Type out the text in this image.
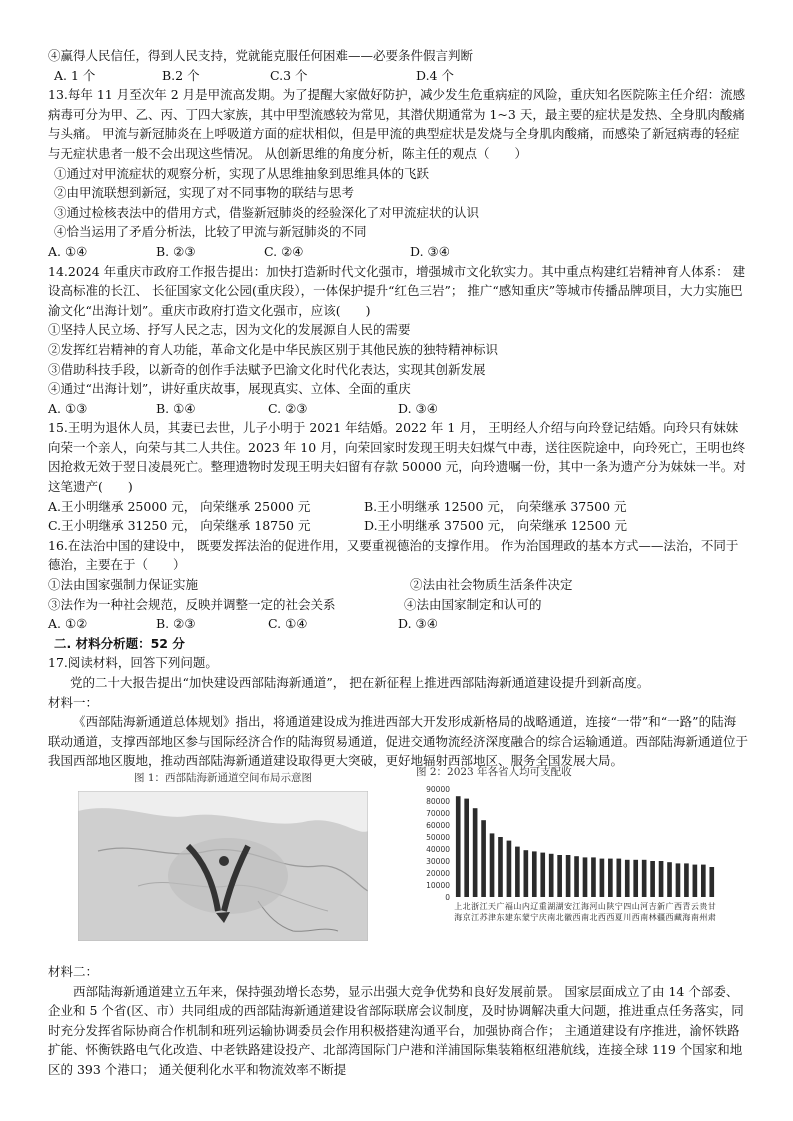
④赢得人民信任，得到人民支持，党就能克服任何困难——必要条件假言判断
A. 1 个	B.2 个	C.3 个	D.4 个
13.每年 11 月至次年 2 月是甲流高发期。为了提醒大家做好防护，减少发生危重病症的风险，重庆知名医院陈主任介绍：流感病毒可分为甲、乙、丙、丁四大家族，其中甲型流感较为常见，其潜伏期通常为 1~3 天，最主要的症状是发热、全身肌肉酸痛与头痛。 甲流与新冠肺炎在上呼吸道方面的症状相似，但是甲流的典型症状是发烧与全身肌肉酸痛，而感染了新冠病毒的轻症与无症状患者一般不会出现这些情况。 从创新思维的角度分析，陈主任的观点（　　）
①通过对甲流症状的观察分析，实现了从思维抽象到思维具体的飞跃
②由甲流联想到新冠，实现了对不同事物的联结与思考
③通过检核表法中的借用方式，借鉴新冠肺炎的经验深化了对甲流症状的认识
④恰当运用了矛盾分析法，比较了甲流与新冠肺炎的不同
A. ①④	B. ②③	C. ②④	D. ③④
14.2024 年重庆市政府工作报告提出：加快打造新时代文化强市，增强城市文化软实力。其中重点构建红岩精神育人体系： 建设高标准的长江、 长征国家文化公园(重庆段），一体保护提升“红色三岩”； 推广“感知重庆”等城市传播品牌项目，大力实施巴渝文化“出海计划”。重庆市政府打造文化强市，应该(　　)
①坚持人民立场、抒写人民之志，因为文化的发展源自人民的需要
②发挥红岩精神的育人功能，革命文化是中华民族区别于其他民族的独特精神标识
③借助科技手段，以新奇的创作手法赋予巴渝文化时代化表达，实现其创新发展
④通过“出海计划”，讲好重庆故事，展现真实、立体、全面的重庆
A. ①③	B. ①④	C. ②③	D. ③④
15.王明为退休人员，其妻已去世，儿子小明于 2021 年结婚。2022 年 1 月， 王明经人介绍与向玲登记结婚。向玲只有妹妹向荣一个亲人，向荣与其二人共住。2023 年 10 月，向荣回家时发现王明夫妇煤气中毒，送往医院途中，向玲死亡，王明也终因抢救无效于翌日凌晨死亡。整理遗物时发现王明夫妇留有存款 50000 元，向玲遗嘱一份，其中一条为遗产分为妹妹一半。对这笔遗产(　　)
A.王小明继承 25000 元， 向荣继承 25000 元	B.王小明继承 12500 元， 向荣继承 37500 元
C.王小明继承 31250 元， 向荣继承 18750 元	D.王小明继承 37500 元， 向荣继承 12500 元
16.在法治中国的建设中， 既要发挥法治的促进作用，又要重视德治的支撑作用。 作为治国理政的基本方式——法治，不同于德治，主要在于（　　）
①法由国家强制力保证实施	②法由社会物质生活条件决定
③法作为一种社会规范，反映并调整一定的社会关系	④法由国家制定和认可的
A. ①②	B. ②③	C. ①④	D. ③④
二. 材料分析题：52 分
17.阅读材料，回答下列问题。
党的二十大报告提出“加快建设西部陆海新通道”， 把在新征程上推进西部陆海新通道建设提升到新高度。
材料一：
《西部陆海新通道总体规划》指出，将通道建设成为推进西部大开发形成新格局的战略通道，连接“一带”和“一路”的陆海联动通道，支撑西部地区参与国际经济合作的陆海贸易通道，促进交通物流经济深度融合的综合运输通道。西部陆海新通道位于我国西部地区腹地，推动西部陆海新通道建设取得更大突破，更好地辐射西部地区、服务全国发展大局。
图 1：西部陆海新通道空间布局示意图	图 2：2023 年各省人均可支配收
0
10000
20000
30000
40000
50000
60000
70000
80000
90000
上
海
北
京
浙
江
江
苏
天
津
广
东
福
建
山
东
内
蒙
辽
宁
重
庆
湖
南
湖
北
安
徽
江
西
海
南
河
北
山
西
陕
西
宁
夏
四
川
山
西
河
南
吉
林
新
疆
广
西
西
藏
青
海
云
南
贵
州
甘
肃
材料二：
西部陆海新通道建立五年来，保持强劲增长态势，显示出强大竞争优势和良好发展前景。 国家层面成立了由 14 个部委、企业和 5 个省(区、市）共同组成的西部陆海新通道建设省部际联席会议制度，及时协调解决重大问题，推进重点任务落实，同时充分发挥省际协商合作机制和班列运输协调委员会作用积极搭建沟通平台，加强协商合作； 主通道建设有序推进，渝怀铁路扩能、怀衡铁路电气化改造、中老铁路建设投产、北部湾国际门户港和洋浦国际集装箱枢纽港航线，连接全球 119 个国家和地区的 393 个港口； 通关便利化水平和物流效率不断提
